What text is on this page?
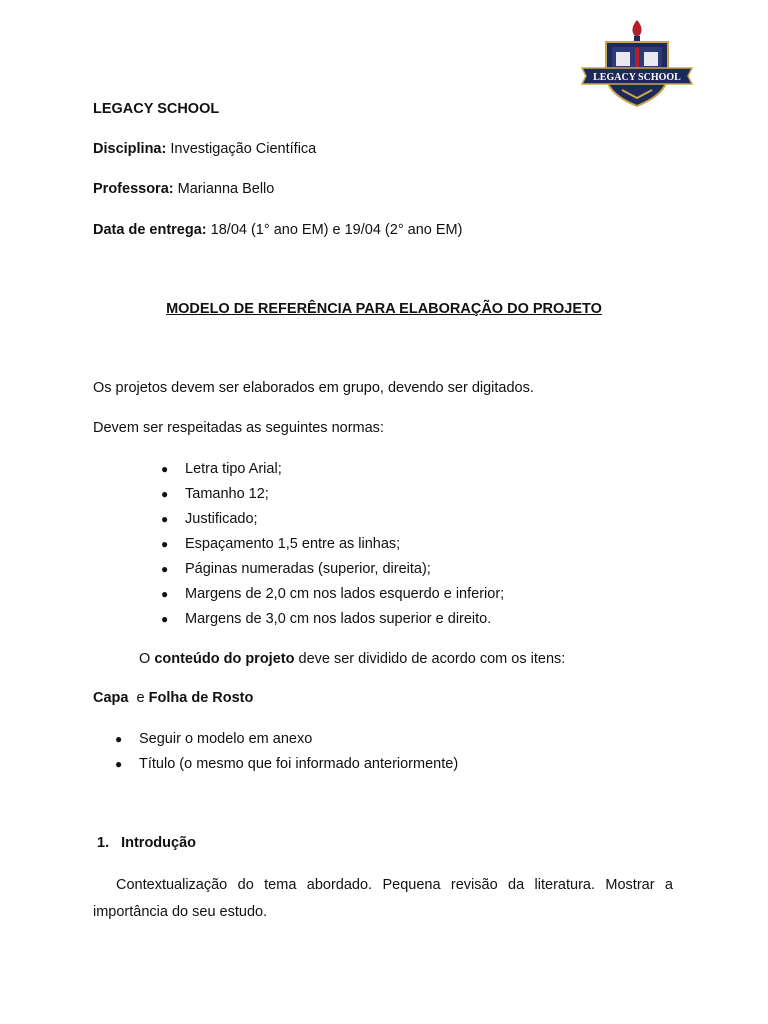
LEGACY SCHOOL
LEGACY SCHOOL
Disciplina: Investigação Científica
Professora: Marianna Bello
Data de entrega: 18/04 (1° ano EM) e 19/04 (2° ano EM)
MODELO DE REFERÊNCIA PARA ELABORAÇÃO DO PROJETO
Os projetos devem ser elaborados em grupo, devendo ser digitados.
Devem ser respeitadas as seguintes normas:
● Letra tipo Arial;
● Tamanho 12;
● Justificado;
● Espaçamento 1,5 entre as linhas;
● Páginas numeradas (superior, direita);
● Margens de 2,0 cm nos lados esquerdo e inferior;
● Margens de 3,0 cm nos lados superior e direito.
O conteúdo do projeto deve ser dividido de acordo com os itens:
Capa e Folha de Rosto
● Seguir o modelo em anexo
● Título (o mesmo que foi informado anteriormente)
1. Introdução
Contextualização do tema abordado. Pequena revisão da literatura. Mostrar a importância do seu estudo.
